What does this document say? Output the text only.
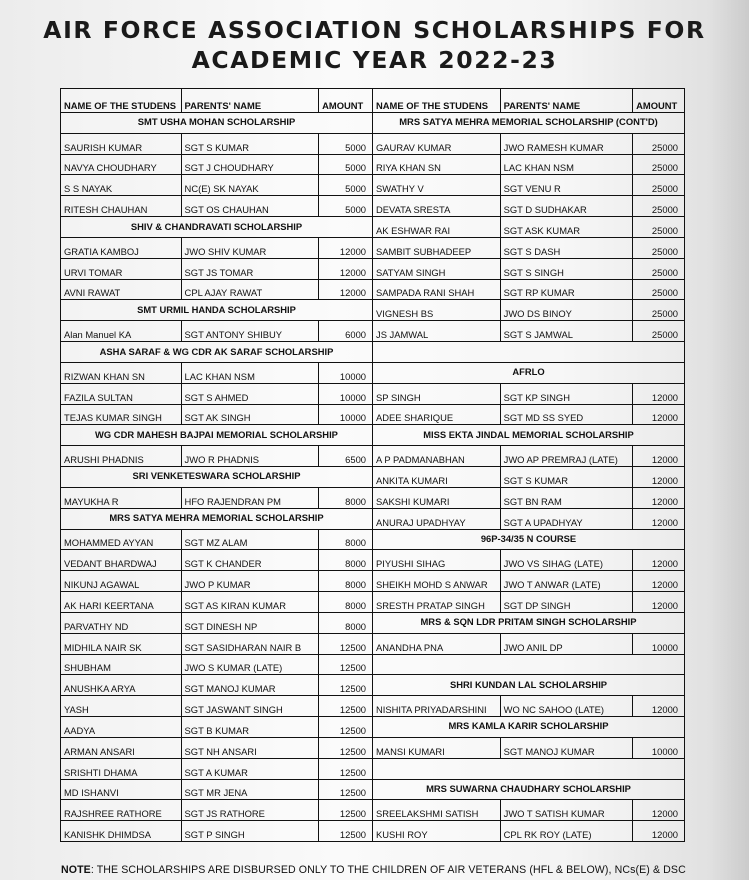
AIR FORCE ASSOCIATION SCHOLARSHIPS FOR
ACADEMIC YEAR 2022-23
NAME OF THE STUDENS	PARENTS' NAME	AMOUNT
SMT USHA MOHAN SCHOLARSHIP		
SAURISH KUMAR	SGT S KUMAR	5000
NAVYA CHOUDHARY	SGT J CHOUDHARY	5000
S S NAYAK	NC(E) SK NAYAK	5000
RITESH CHAUHAN	SGT OS CHAUHAN	5000
SHIV & CHANDRAVATI SCHOLARSHIP		
GRATIA KAMBOJ	JWO SHIV KUMAR	12000
URVI TOMAR	SGT JS TOMAR	12000
AVNI RAWAT	CPL AJAY RAWAT	12000
SMT URMIL HANDA SCHOLARSHIP		
Alan Manuel KA	SGT ANTONY SHIBUY	6000
ASHA SARAF & WG CDR AK SARAF SCHOLARSHIP		
RIZWAN KHAN SN	LAC KHAN NSM	10000
FAZILA SULTAN	SGT S AHMED	10000
TEJAS KUMAR SINGH	SGT AK SINGH	10000
WG CDR MAHESH BAJPAI MEMORIAL SCHOLARSHIP		
ARUSHI PHADNIS	JWO R PHADNIS	6500
SRI VENKETESWARA SCHOLARSHIP		
MAYUKHA R	HFO RAJENDRAN PM	8000
MRS SATYA MEHRA MEMORIAL SCHOLARSHIP		
MOHAMMED AYYAN	SGT MZ ALAM	8000
VEDANT BHARDWAJ	SGT K CHANDER	8000
NIKUNJ AGAWAL	JWO P KUMAR	8000
AK HARI KEERTANA	SGT AS KIRAN KUMAR	8000
PARVATHY ND	SGT DINESH NP	8000
MIDHILA NAIR SK	SGT SASIDHARAN NAIR B	12500
SHUBHAM	JWO S KUMAR (LATE)	12500
ANUSHKA ARYA	SGT MANOJ KUMAR	12500
YASH	SGT JASWANT SINGH	12500
AADYA	SGT B KUMAR	12500
ARMAN ANSARI	SGT NH ANSARI	12500
SRISHTI DHAMA	SGT A KUMAR	12500
MD ISHANVI	SGT MR JENA	12500
RAJSHREE RATHORE	SGT JS RATHORE	12500
KANISHK DHIMDSA	SGT P SINGH	12500
NAME OF THE STUDENS	PARENTS' NAME	AMOUNT
MRS SATYA MEHRA MEMORIAL SCHOLARSHIP (CONT'D)		
GAURAV KUMAR	JWO RAMESH KUMAR	25000
RIYA KHAN SN	LAC KHAN NSM	25000
SWATHY V	SGT VENU R	25000
DEVATA SRESTA	SGT D SUDHAKAR	25000
AK ESHWAR RAI	SGT ASK KUMAR	25000
SAMBIT SUBHADEEP	SGT S DASH	25000
SATYAM SINGH	SGT S SINGH	25000
SAMPADA RANI SHAH	SGT RP KUMAR	25000
VIGNESH BS	JWO DS BINOY	25000
JS JAMWAL	SGT S JAMWAL	25000

AFRLO		
SP SINGH	SGT KP SINGH	12000
ADEE SHARIQUE	SGT MD SS SYED	12000
MISS EKTA JINDAL MEMORIAL SCHOLARSHIP		
A P PADMANABHAN	JWO AP PREMRAJ (LATE)	12000
ANKITA KUMARI	SGT S KUMAR	12000
SAKSHI KUMARI	SGT BN RAM	12000
ANURAJ UPADHYAY	SGT A UPADHYAY	12000
96P-34/35 N COURSE		
PIYUSHI SIHAG	JWO VS SIHAG (LATE)	12000
SHEIKH MOHD S ANWAR	JWO T ANWAR (LATE)	12000
SRESTH PRATAP SINGH	SGT DP SINGH	12000
MRS & SQN LDR PRITAM SINGH SCHOLARSHIP		
ANANDHA PNA	JWO ANIL DP	10000

SHRI KUNDAN LAL SCHOLARSHIP		
NISHITA PRIYADARSHINI	WO NC SAHOO (LATE)	12000
MRS KAMLA KARIR SCHOLARSHIP		
MANSI KUMARI	SGT MANOJ KUMAR	10000

MRS SUWARNA CHAUDHARY SCHOLARSHIP		
SREELAKSHMI SATISH	JWO T SATISH KUMAR	12000
KUSHI ROY	CPL RK ROY (LATE)	12000
NOTE: THE SCHOLARSHIPS ARE DISBURSED ONLY TO THE CHILDREN OF AIR VETERANS (HFL & BELOW), NCs(E) & DSC
